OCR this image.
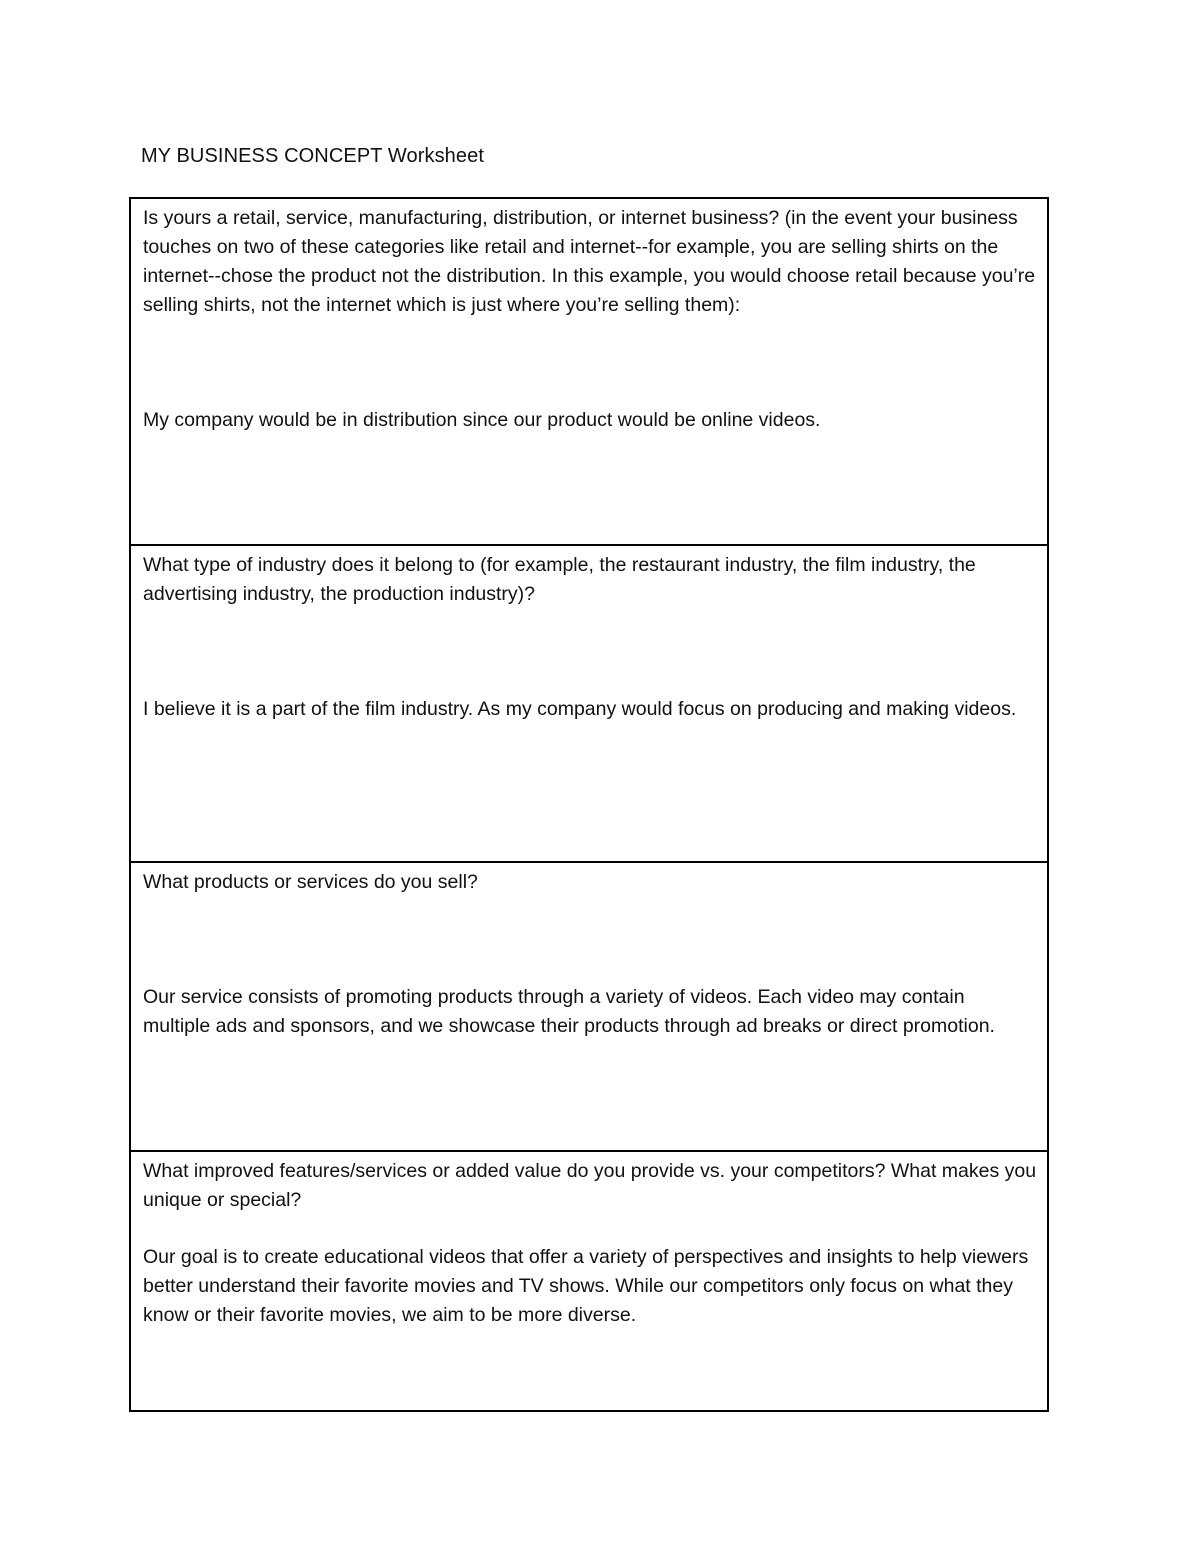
MY BUSINESS CONCEPT Worksheet

Is yours a retail, service, manufacturing, distribution, or internet business? (in the event your business touches on two of these categories like retail and internet--for example, you are selling shirts on the internet--chose the product not the distribution. In this example, you would choose retail because you’re selling shirts, not the internet which is just where you’re selling them):

My company would be in distribution since our product would be online videos.

What type of industry does it belong to (for example, the restaurant industry, the film industry, the advertising industry, the production industry)?

I believe it is a part of the film industry. As my company would focus on producing and making videos.

What products or services do you sell?

Our service consists of promoting products through a variety of videos. Each video may contain multiple ads and sponsors, and we showcase their products through ad breaks or direct promotion.

What improved features/services or added value do you provide vs. your competitors? What makes you unique or special?

Our goal is to create educational videos that offer a variety of perspectives and insights to help viewers better understand their favorite movies and TV shows. While our competitors only focus on what they know or their favorite movies, we aim to be more diverse.
